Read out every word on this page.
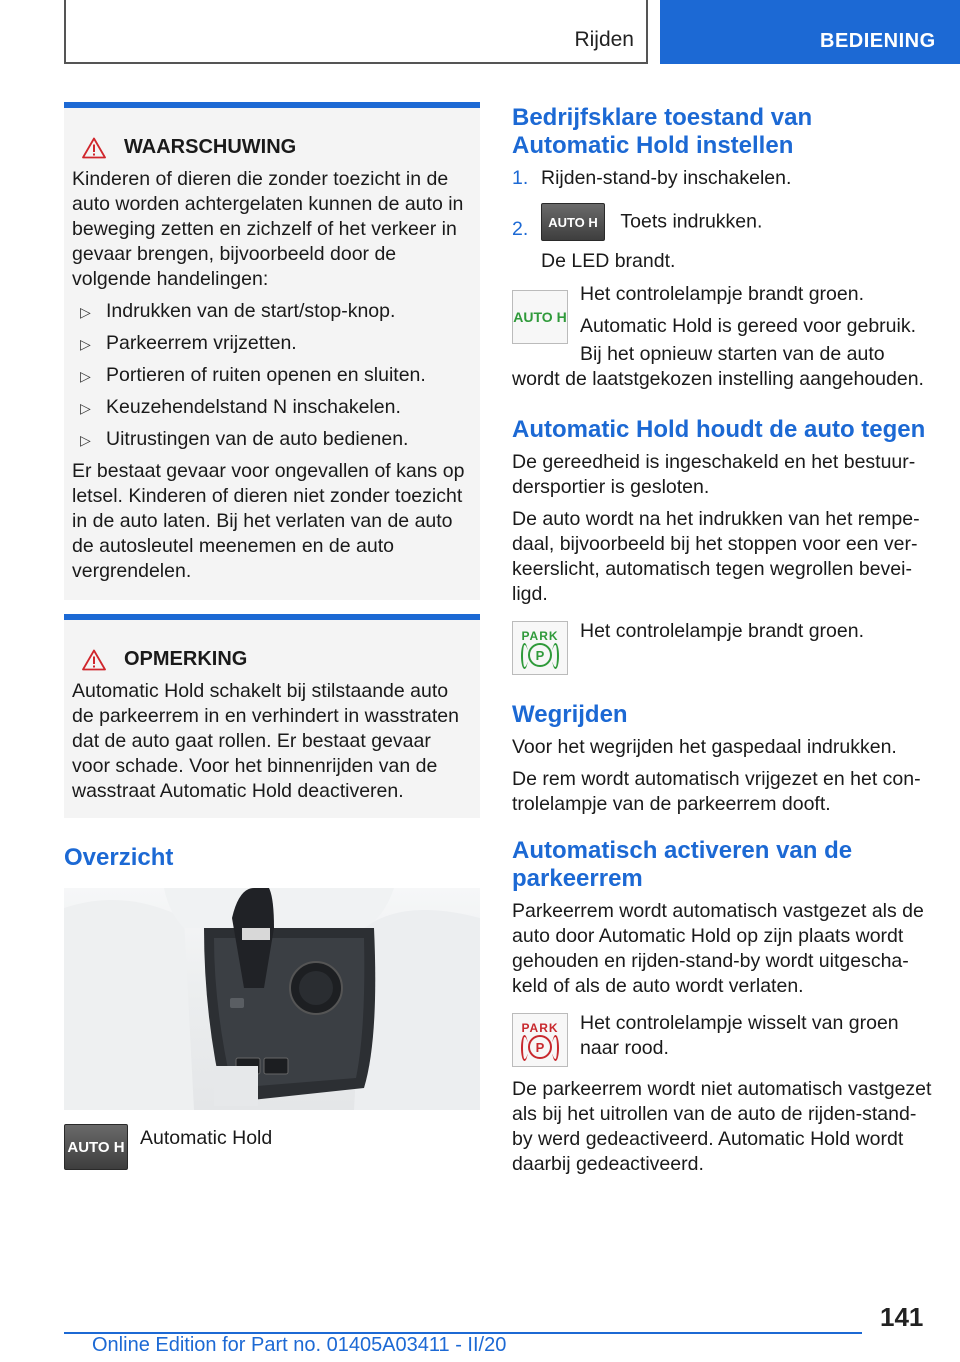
Rijden	BEDIENING
WAARSCHUWING

Kinderen of dieren die zonder toezicht in de auto worden achtergelaten kunnen de auto in beweging zetten en zichzelf of het verkeer in gevaar brengen, bijvoorbeeld door de volgende handelingen:

▷ Indrukken van de start/stop-knop.
▷ Parkeerrem vrijzetten.
▷ Portieren of ruiten openen en sluiten.
▷ Keuzehendelstand N inschakelen.
▷ Uitrustingen van de auto bedienen.

Er bestaat gevaar voor ongevallen of kans op letsel. Kinderen of dieren niet zonder toezicht in de auto laten. Bij het verlaten van de auto de autosleutel meenemen en de auto vergrendelen.

OPMERKING

Automatic Hold schakelt bij stilstaande auto de parkeerrem in en verhindert in wasstraten dat de auto gaat rollen. Er bestaat gevaar voor schade. Voor het binnenrijden van de wasstraat Automatic Hold deactiveren.

Overzicht
AUTO H Automatic Hold

Bedrijfsklare toestand van Automatic Hold instellen
1. Rijden-stand-by inschakelen.
2. AUTO H Toets indrukken.
De LED brandt.
AUTO H

Het controlelampje brandt groen.

Automatic Hold is gereed voor gebruik.

Bij het opnieuw starten van de auto wordt de laatstgekozen instelling aangehouden.

Automatic Hold houdt de auto tegen

De gereedheid is ingeschakeld en het bestuurdersportier is gesloten.

De auto wordt na het indrukken van het rempedaal, bijvoorbeeld bij het stoppen voor een verkeerslicht, automatisch tegen wegrollen beveiligd.

PARK
P

Het controlelampje brandt groen.

Wegrijden

Voor het wegrijden het gaspedaal indrukken.

De rem wordt automatisch vrijgezet en het controlelampje van de parkeerrem dooft.

Automatisch activeren van de parkeerrem

Parkeerrem wordt automatisch vastgezet als de auto door Automatic Hold op zijn plaats wordt gehouden en rijden-stand-by wordt uitgeschakeld of als de auto wordt verlaten.

PARK
P

Het controlelampje wisselt van groen naar rood.

De parkeerrem wordt niet automatisch vastgezet als bij het uitrollen van de auto de rijden-stand-by werd gedeactiveerd. Automatic Hold wordt daarbij gedeactiveerd.

141
Online Edition for Part no. 01405A03411 - II/20
